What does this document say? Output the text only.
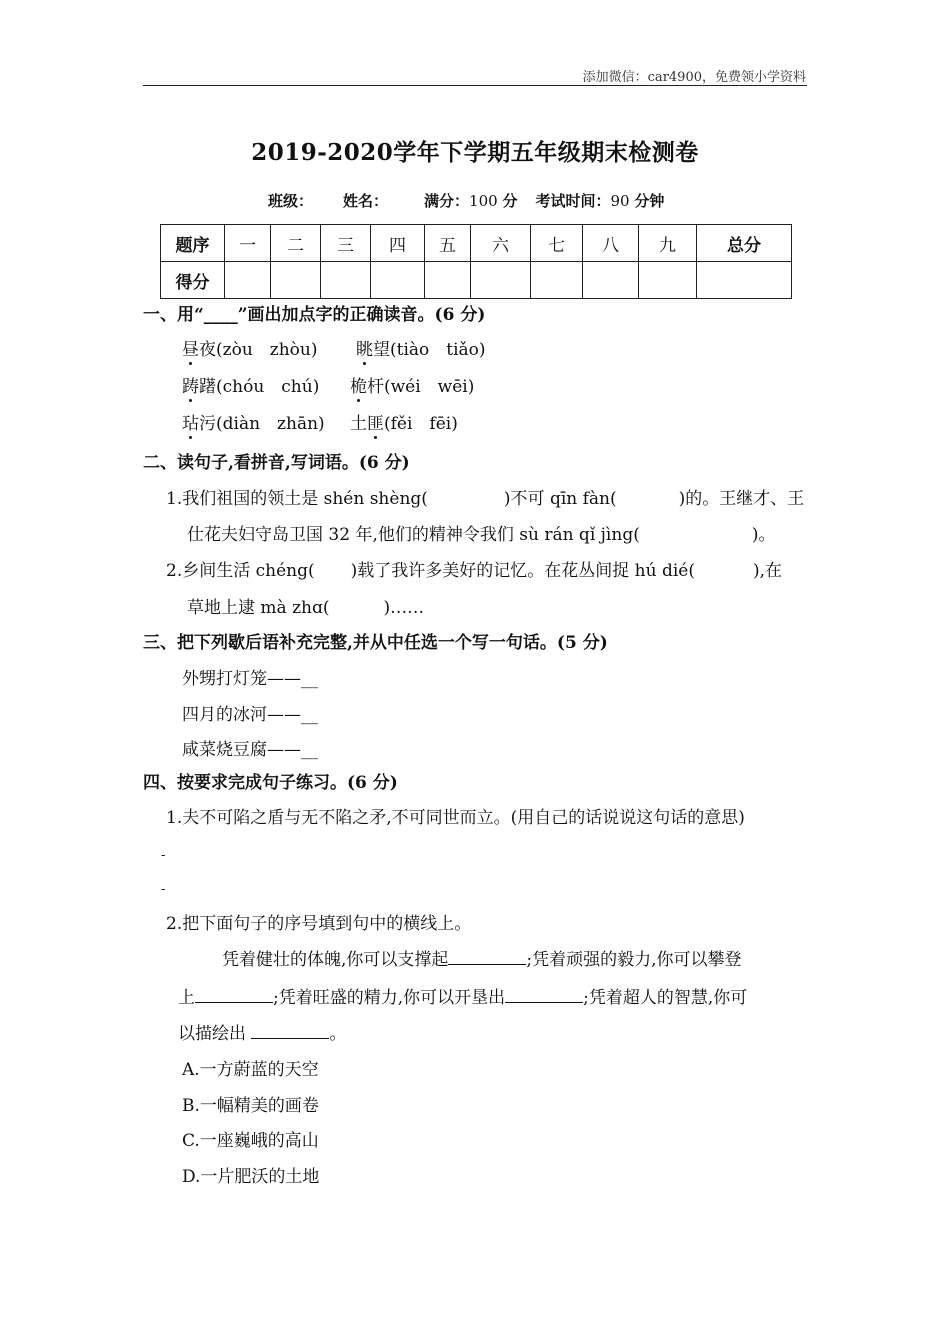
添加微信：car4900，免费领小学资料
2019-2020学年下学期五年级期末检测卷
班级： 姓名： 满分：100 分 考试时间：90 分钟
题序	一	二	三	四	五	六	七	八	九	总分
得分										
一、用“____”画出加点字的正确读音。(6 分)
昼夜(zòu　zhòu) 眺望(tiào　tiǎo)
踌躇(chóu　chú) 桅杆(wéi　wēi)
玷污(diàn　zhān) 土匪(fěi　fēi)
二、读句子,看拼音,写词语。(6 分)
1.我们祖国的领土是 shén shèng(	)不可 qīn fàn(	)的。王继才、王
仕花夫妇守岛卫国 32 年,他们的精神令我们 sù rán qǐ jìng(	)。
2.乡间生活 chéng( )载了我许多美好的记忆。在花丛间捉 hú dié(	),在
草地上逮 mà zhɑ(	)……
三、把下列歇后语补充完整,并从中任选一个写一句话。(5 分)
外甥打灯笼——__
四月的冰河——__
咸菜烧豆腐——__
四、按要求完成句子练习。(6 分)
1.夫不可陷之盾与无不陷之矛,不可同世而立。(用自己的话说说这句话的意思)
-
-
2.把下面句子的序号填到句中的横线上。
凭着健壮的体魄,你可以支撑起	;凭着顽强的毅力,你可以攀登
上	;凭着旺盛的精力,你可以开垦出	;凭着超人的智慧,你可
以描绘出	。
A.一方蔚蓝的天空
B.一幅精美的画卷
C.一座巍峨的高山
D.一片肥沃的土地
